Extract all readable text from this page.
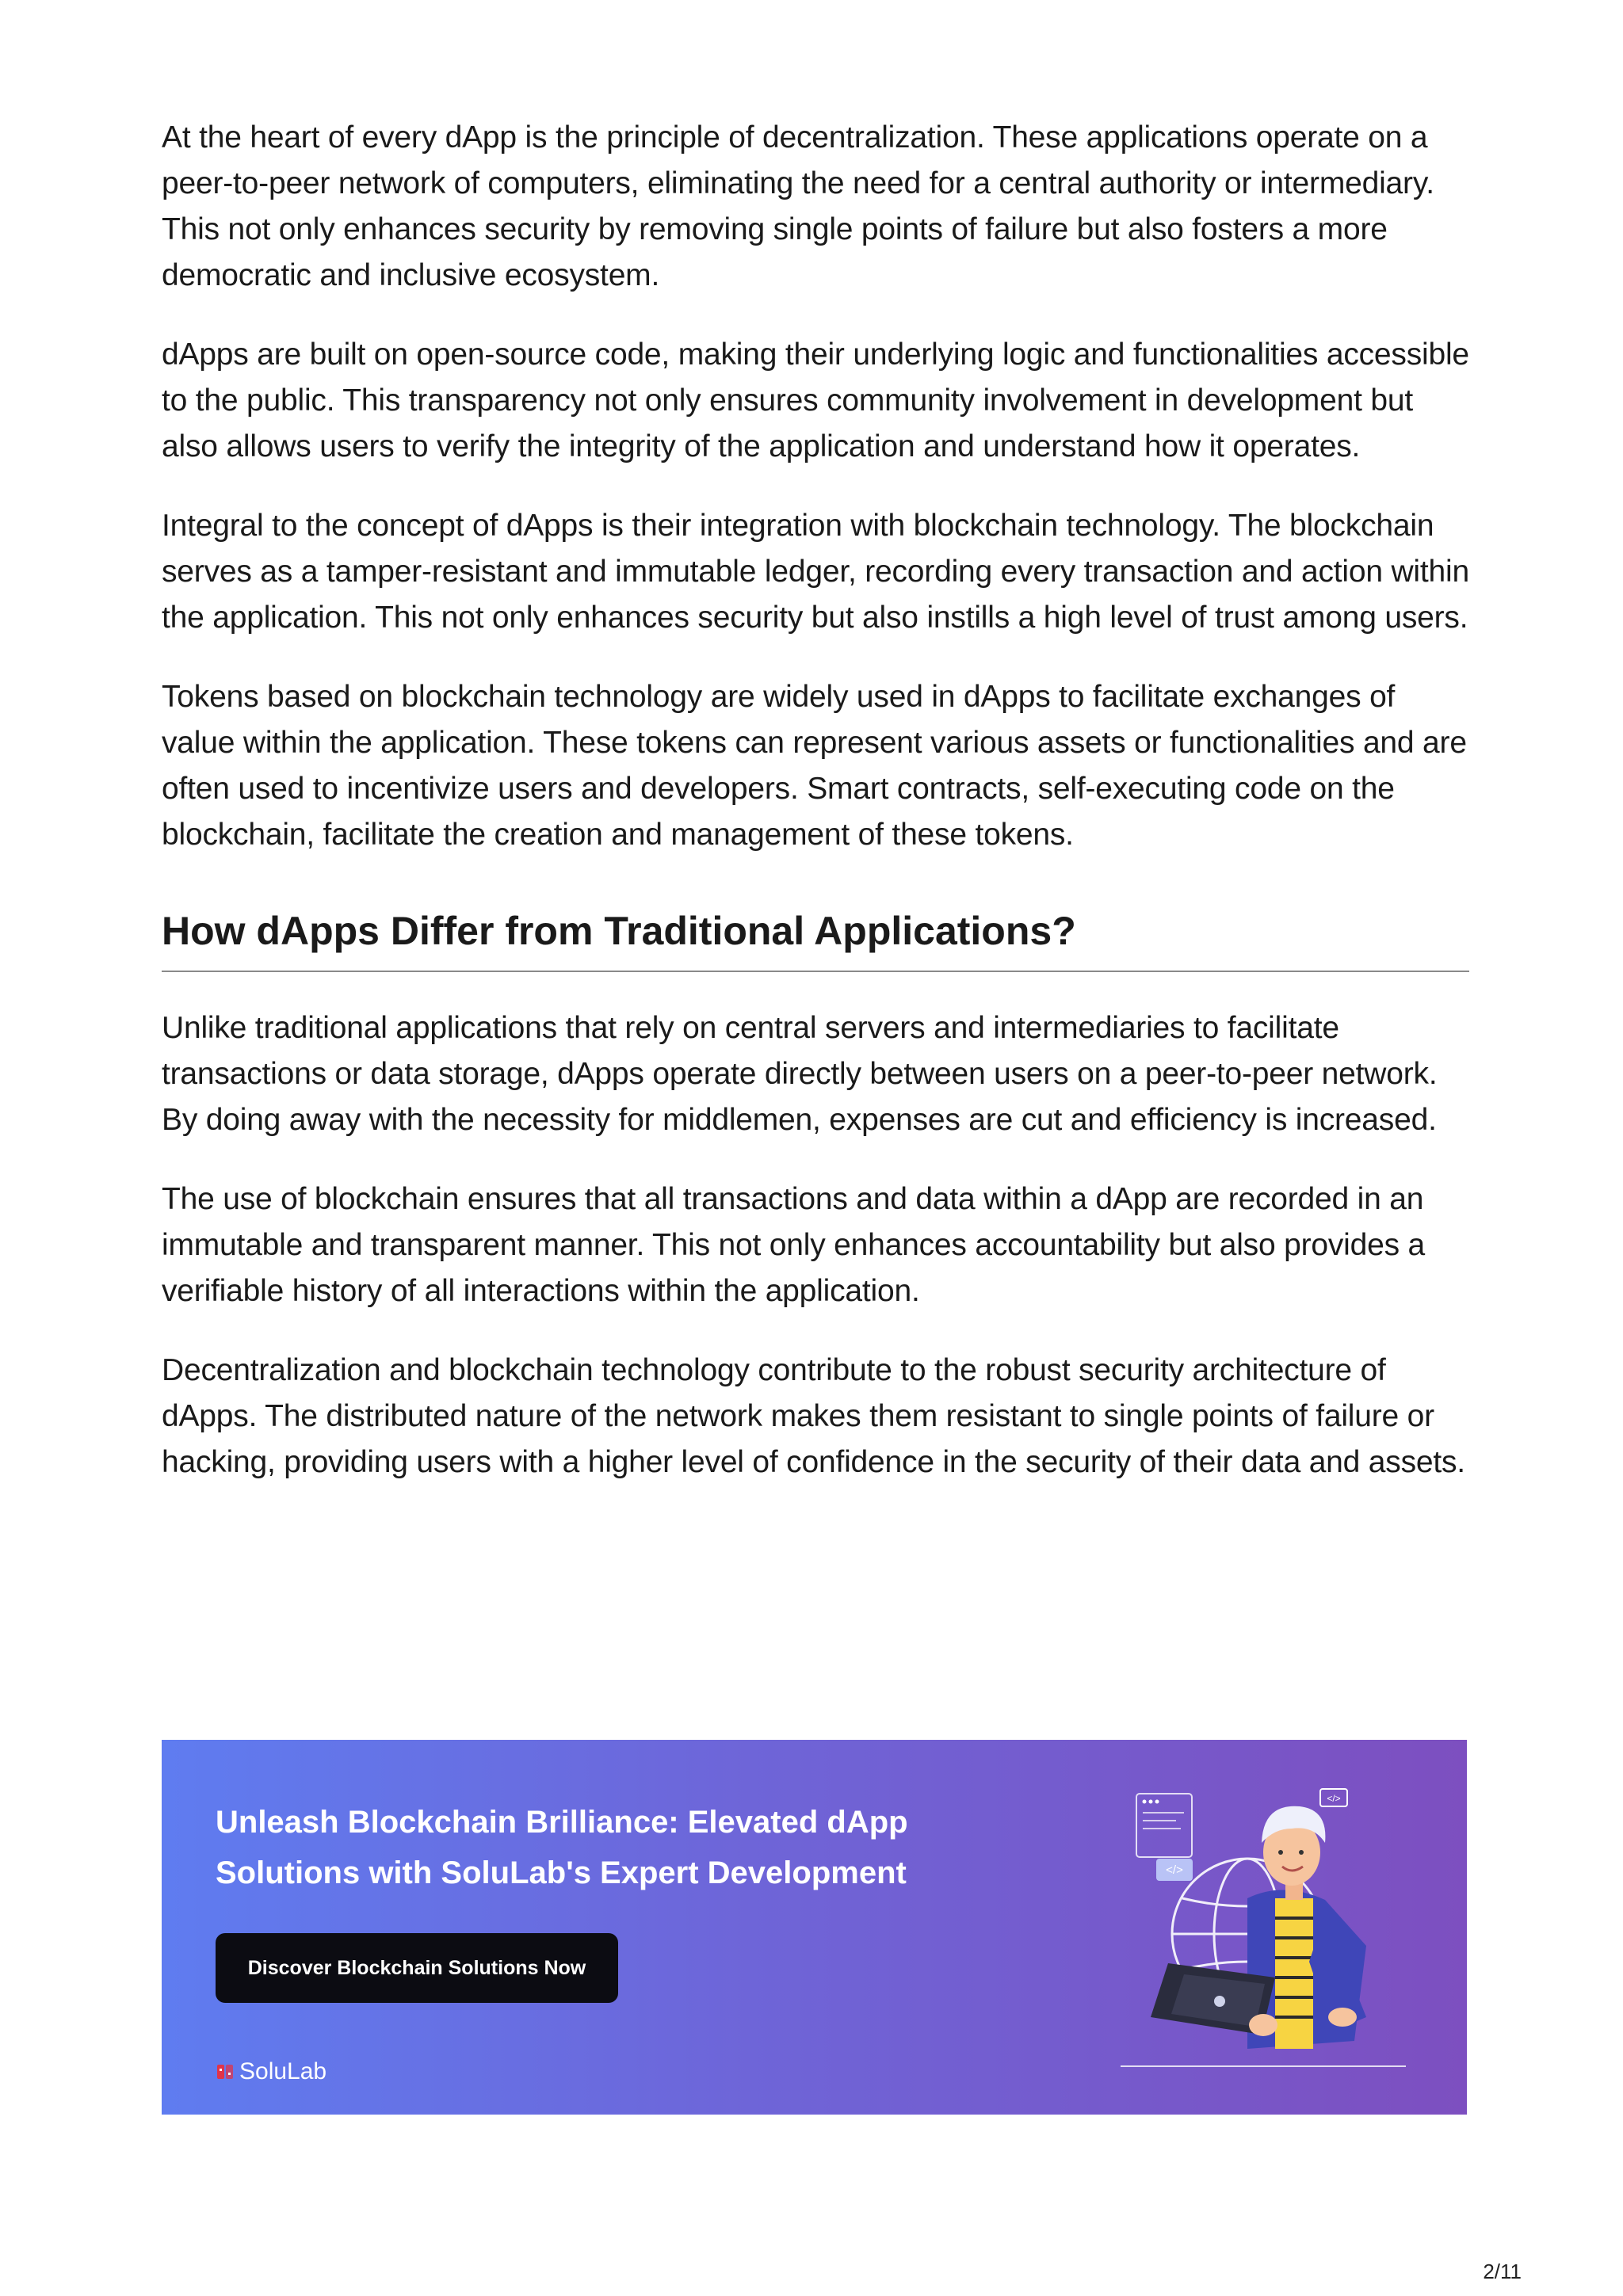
At the heart of every dApp is the principle of decentralization. These applications operate on a peer-to-peer network of computers, eliminating the need for a central authority or intermediary. This not only enhances security by removing single points of failure but also fosters a more democratic and inclusive ecosystem.

dApps are built on open-source code, making their underlying logic and functionalities accessible to the public. This transparency not only ensures community involvement in development but also allows users to verify the integrity of the application and understand how it operates.

Integral to the concept of dApps is their integration with blockchain technology. The blockchain serves as a tamper-resistant and immutable ledger, recording every transaction and action within the application. This not only enhances security but also instills a high level of trust among users.

Tokens based on blockchain technology are widely used in dApps to facilitate exchanges of value within the application. These tokens can represent various assets or functionalities and are often used to incentivize users and developers. Smart contracts, self-executing code on the blockchain, facilitate the creation and management of these tokens.

How dApps Differ from Traditional Applications?

Unlike traditional applications that rely on central servers and intermediaries to facilitate transactions or data storage, dApps operate directly between users on a peer-to-peer network. By doing away with the necessity for middlemen, expenses are cut and efficiency is increased.

The use of blockchain ensures that all transactions and data within a dApp are recorded in an immutable and transparent manner. This not only enhances accountability but also provides a verifiable history of all interactions within the application.

Decentralization and blockchain technology contribute to the robust security architecture of dApps. The distributed nature of the network makes them resistant to single points of failure or hacking, providing users with a higher level of confidence in the security of their data and assets.

Unleash Blockchain Brilliance: Elevated dApp
Solutions with SoluLab's Expert Development
Discover Blockchain Solutions Now
SoluLab
</>
</>
2/11
